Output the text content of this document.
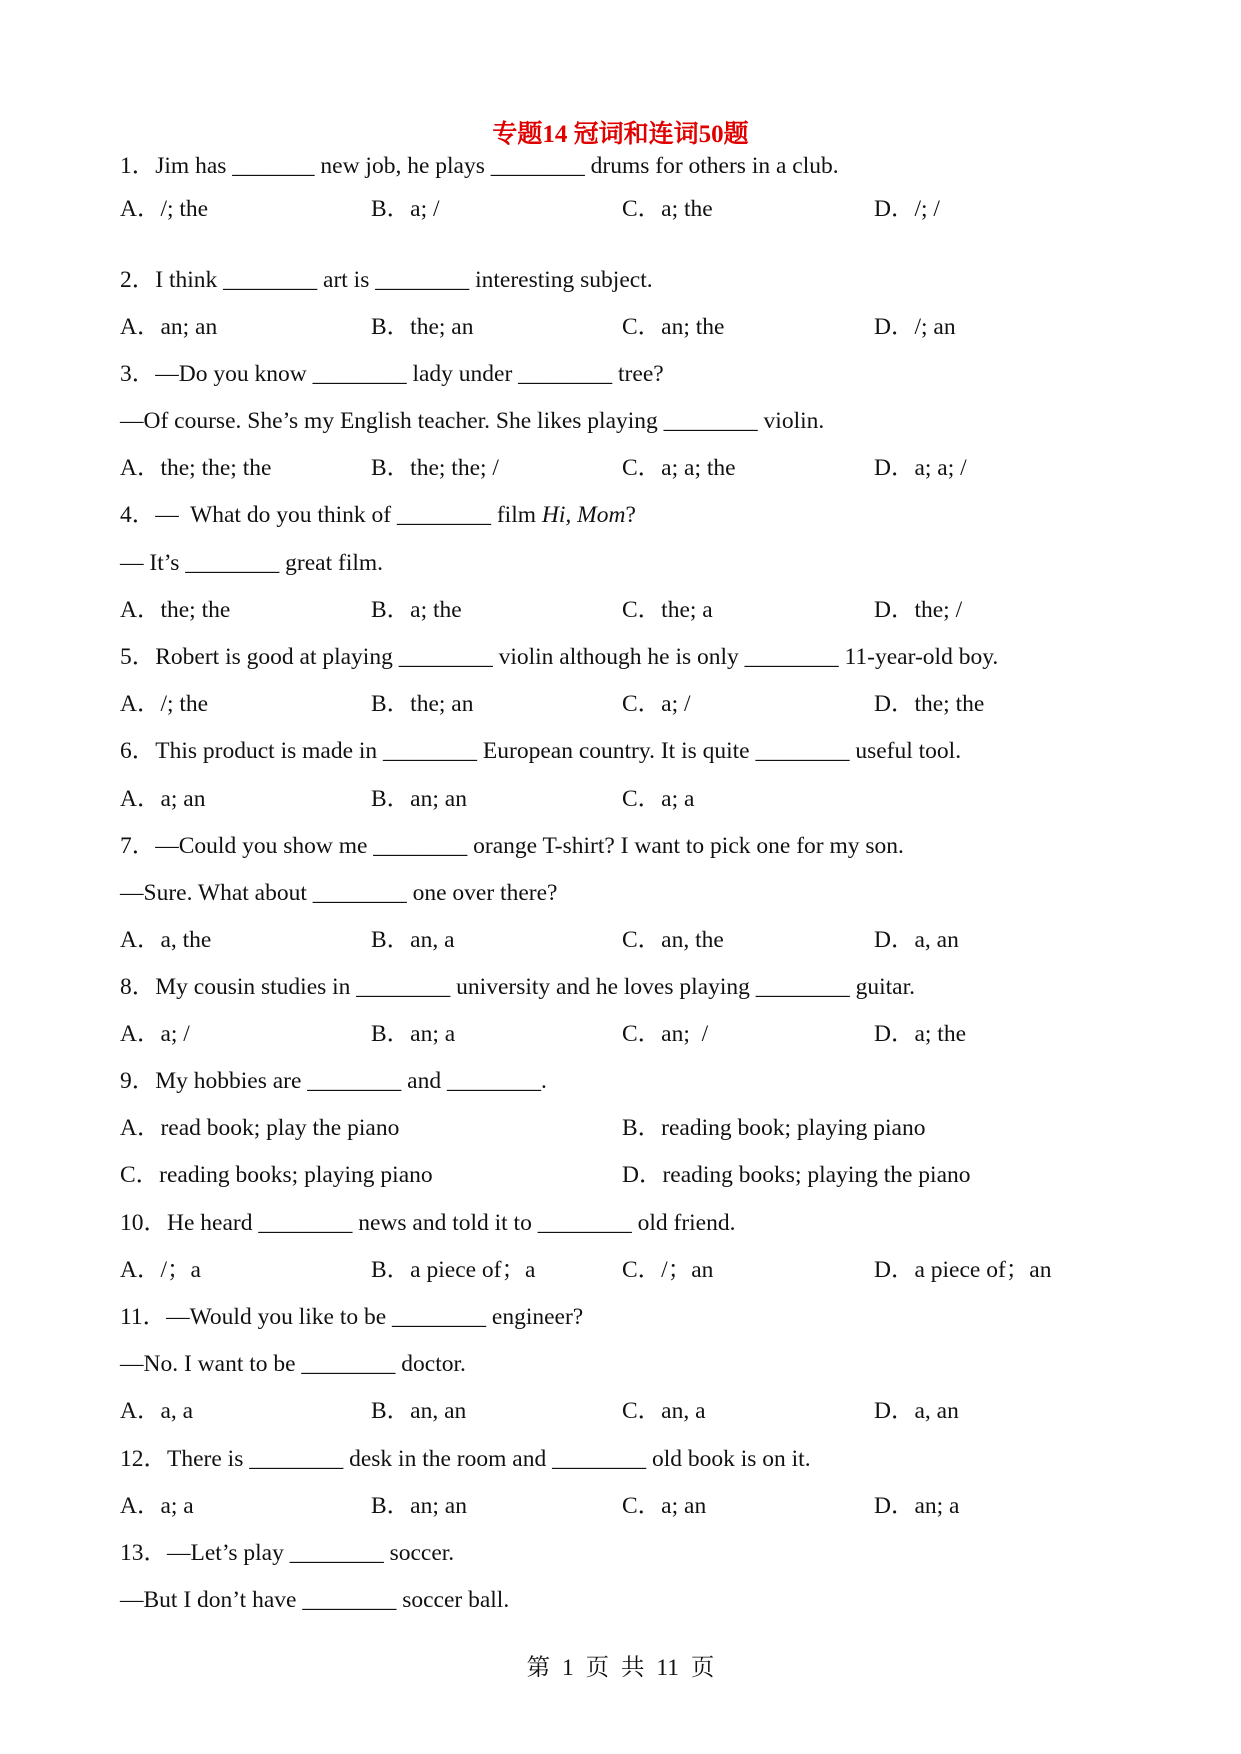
专题14 冠词和连词50题
1．Jim has _______ new job, he plays ________ drums for others in a club.
A．/; the	B．a; /	C．a; the	D．/; /
2．I think ________ art is ________ interesting subject.
A．an; an	B．the; an	C．an; the	D．/; an
3．—Do you know ________ lady under ________ tree?
—Of course. She’s my English teacher. She likes playing ________ violin.
A．the; the; the	B．the; the; /	C．a; a; the	D．a; a; /
4．—  What do you think of ________ film Hi, Mom?
— It’s ________ great film.
A．the; the	B．a; the	C．the; a	D．the; /
5．Robert is good at playing ________ violin although he is only ________ 11-year-old boy.
A．/; the	B．the; an	C．a; /	D．the; the
6．This product is made in ________ European country. It is quite ________ useful tool.
A．a; an	B．an; an	C．a; a
7．—Could you show me ________ orange T-shirt? I want to pick one for my son.
—Sure. What about ________ one over there?
A．a, the	B．an, a	C．an, the	D．a, an
8．My cousin studies in ________ university and he loves playing ________ guitar.
A．a; /	B．an; a	C．an;  /	D．a; the
9．My hobbies are ________ and ________.
A．read book; play the piano	B．reading book; playing piano
C．reading books; playing piano	D．reading books; playing the piano
10．He heard ________ news and told it to ________ old friend.
A．/；a	B．a piece of；a	C．/；an	D．a piece of；an
11．—Would you like to be ________ engineer?
—No. I want to be ________ doctor.
A．a, a	B．an, an	C．an, a	D．a, an
12．There is ________ desk in the room and ________ old book is on it.
A．a; a	B．an; an	C．a; an	D．an; a
13．—Let’s play ________ soccer.
—But I don’t have ________ soccer ball.
第 1 页 共 11 页
